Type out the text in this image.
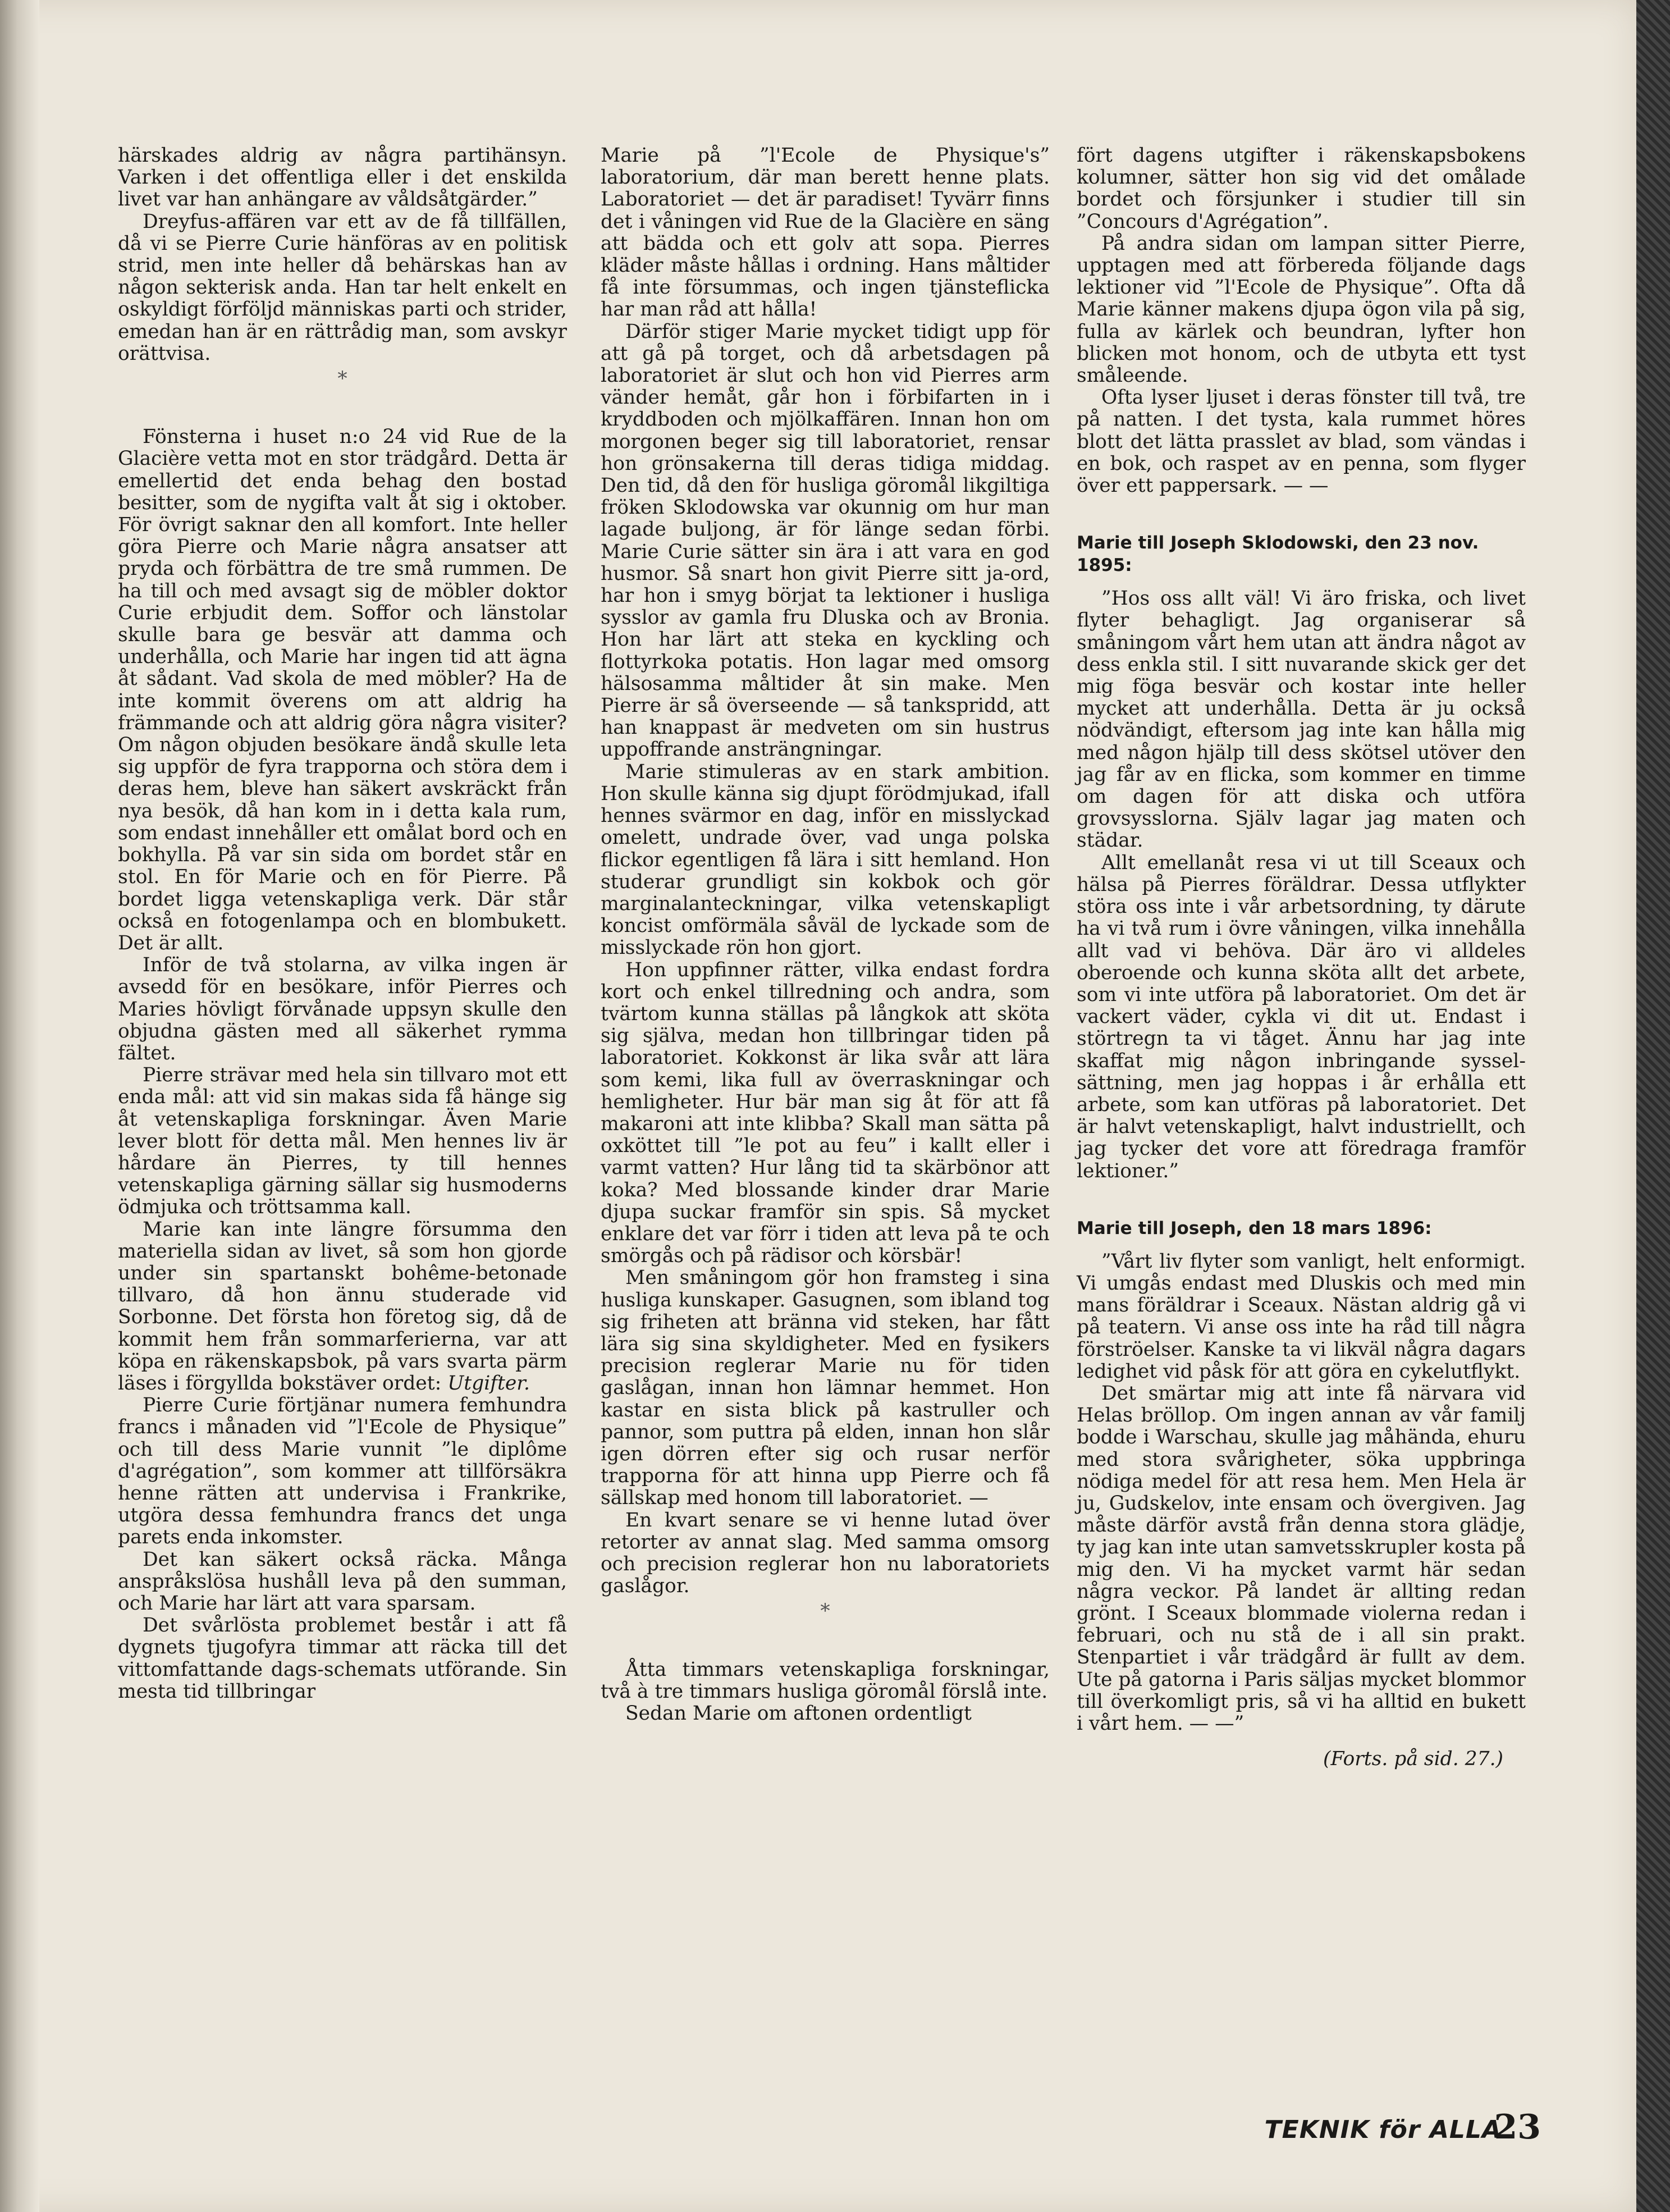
härskades aldrig av några partihänsyn. Varken i det offentliga eller i det enskilda livet var han anhängare av våldsåtgärder.”

Dreyfus-affären var ett av de få tillfällen, då vi se Pierre Curie hänföras av en politisk strid, men inte heller då behärskas han av någon sekterisk anda. Han tar helt enkelt en oskyldigt förföljd människas parti och strider, emedan han är en rättrådig man, som avskyr orättvisa.

*

Fönsterna i huset n:o 24 vid Rue de la Glacière vetta mot en stor trädgård. Detta är emellertid det enda behag den bostad besitter, som de nygifta valt åt sig i oktober. För övrigt saknar den all komfort. Inte heller göra Pierre och Marie några ansatser att pryda och förbättra de tre små rummen. De ha till och med avsagt sig de möbler doktor Curie erbjudit dem. Soffor och länstolar skulle bara ge besvär att damma och underhålla, och Marie har ingen tid att ägna åt sådant. Vad skola de med möbler? Ha de inte kommit överens om att aldrig ha främmande och att aldrig göra några visiter? Om någon objuden besökare ändå skulle leta sig uppför de fyra trapporna och störa dem i deras hem, bleve han säkert avskräckt från nya besök, då han kom in i detta kala rum, som endast innehåller ett omålat bord och en bokhylla. På var sin sida om bordet står en stol. En för Marie och en för Pierre. På bordet ligga vetenskapliga verk. Där står också en fotogenlampa och en blombukett. Det är allt.

Inför de två stolarna, av vilka ingen är avsedd för en besökare, inför Pierres och Maries hövligt förvånade uppsyn skulle den objudna gästen med all säkerhet rymma fältet.

Pierre strävar med hela sin tillvaro mot ett enda mål: att vid sin makas sida få hänge sig åt vetenskapliga forskningar. Även Marie lever blott för detta mål. Men hennes liv är hårdare än Pierres, ty till hennes vetenskapliga gärning sällar sig husmoderns ödmjuka och tröttsamma kall.

Marie kan inte längre försumma den materiella sidan av livet, så som hon gjorde under sin spartanskt bohême-betonade tillvaro, då hon ännu studerade vid Sorbonne. Det första hon företog sig, då de kommit hem från sommarferierna, var att köpa en räkenskapsbok, på vars svarta pärm läses i förgyllda bokstäver ordet: Utgifter.

Pierre Curie förtjänar numera femhundra francs i månaden vid ”l'Ecole de Physique” och till dess Marie vunnit ”le diplôme d'agrégation”, som kommer att tillförsäkra henne rätten att undervisa i Frankrike, utgöra dessa femhundra francs det unga parets enda inkomster.

Det kan säkert också räcka. Många anspråkslösa hushåll leva på den summan, och Marie har lärt att vara sparsam.

Det svårlösta problemet består i att få dygnets tjugofyra timmar att räcka till det vittomfattande dags-schemats utförande. Sin mesta tid tillbringar

Marie på ”l'Ecole de Physique's” laboratorium, där man berett henne plats. Laboratoriet — det är paradiset! Tyvärr finns det i våningen vid Rue de la Glacière en säng att bädda och ett golv att sopa. Pierres kläder måste hållas i ordning. Hans måltider få inte försummas, och ingen tjänsteflicka har man råd att hålla!

Därför stiger Marie mycket tidigt upp för att gå på torget, och då arbetsdagen på laboratoriet är slut och hon vid Pierres arm vänder hemåt, går hon i förbifarten in i kryddboden och mjölkaffären. Innan hon om morgonen beger sig till laboratoriet, rensar hon grönsakerna till deras tidiga middag. Den tid, då den för husliga göromål likgiltiga fröken Sklodowska var okunnig om hur man lagade buljong, är för länge sedan förbi. Marie Curie sätter sin ära i att vara en god husmor. Så snart hon givit Pierre sitt ja-ord, har hon i smyg börjat ta lektioner i husliga sysslor av gamla fru Dluska och av Bronia. Hon har lärt att steka en kyckling och flottyrkoka potatis. Hon lagar med omsorg hälsosamma måltider åt sin make. Men Pierre är så överseende — så tankspridd, att han knappast är medveten om sin hustrus uppoffrande ansträngningar.

Marie stimuleras av en stark ambition. Hon skulle känna sig djupt förödmjukad, ifall hennes svärmor en dag, inför en misslyckad omelett, undrade över, vad unga polska flickor egentligen få lära i sitt hemland. Hon studerar grundligt sin kokbok och gör marginalanteckningar, vilka vetenskapligt koncist omförmäla såväl de lyckade som de misslyckade rön hon gjort.

Hon uppfinner rätter, vilka endast fordra kort och enkel tillredning och andra, som tvärtom kunna ställas på långkok att sköta sig själva, medan hon tillbringar tiden på laboratoriet. Kokkonst är lika svår att lära som kemi, lika full av överraskningar och hemligheter. Hur bär man sig åt för att få makaroni att inte klibba? Skall man sätta på oxköttet till ”le pot au feu” i kallt eller i varmt vatten? Hur lång tid ta skärbönor att koka? Med blossande kinder drar Marie djupa suckar framför sin spis. Så mycket enklare det var förr i tiden att leva på te och smörgås och på rädisor och körsbär!

Men småningom gör hon framsteg i sina husliga kunskaper. Gasugnen, som ibland tog sig friheten att bränna vid steken, har fått lära sig sina skyldigheter. Med en fysikers precision reglerar Marie nu för tiden gaslågan, innan hon lämnar hemmet. Hon kastar en sista blick på kastruller och pannor, som puttra på elden, innan hon slår igen dörren efter sig och rusar nerför trapporna för att hinna upp Pierre och få sällskap med honom till laboratoriet. —

En kvart senare se vi henne lutad över retorter av annat slag. Med samma omsorg och precision reglerar hon nu laboratoriets gaslågor.

*

Åtta timmars vetenskapliga forskningar, två à tre timmars husliga göromål förslå inte.

Sedan Marie om aftonen ordentligt

fört dagens utgifter i räkenskapsbokens kolumner, sätter hon sig vid det omålade bordet och försjunker i studier till sin ”Concours d'Agrégation”.

På andra sidan om lampan sitter Pierre, upptagen med att förbereda följande dags lektioner vid ”l'Ecole de Physique”. Ofta då Marie känner makens djupa ögon vila på sig, fulla av kärlek och beundran, lyfter hon blicken mot honom, och de utbyta ett tyst småleende.

Ofta lyser ljuset i deras fönster till två, tre på natten. I det tysta, kala rummet höres blott det lätta prasslet av blad, som vändas i en bok, och raspet av en penna, som flyger över ett pappersark. — —

Marie till Joseph Sklodowski, den 23 nov. 1895:

”Hos oss allt väl! Vi äro friska, och livet flyter behagligt. Jag organiserar så småningom vårt hem utan att ändra något av dess enkla stil. I sitt nuvarande skick ger det mig föga besvär och kostar inte heller mycket att underhålla. Detta är ju också nödvändigt, eftersom jag inte kan hålla mig med någon hjälp till dess skötsel utöver den jag får av en flicka, som kommer en timme om dagen för att diska och utföra grovsysslorna. Själv lagar jag maten och städar.

Allt emellanåt resa vi ut till Sceaux och hälsa på Pierres föräldrar. Dessa utflykter störa oss inte i vår arbetsordning, ty därute ha vi två rum i övre våningen, vilka innehålla allt vad vi behöva. Där äro vi alldeles oberoende och kunna sköta allt det arbete, som vi inte utföra på laboratoriet. Om det är vackert väder, cykla vi dit ut. Endast i störtregn ta vi tåget. Ännu har jag inte skaffat mig någon inbringande sysselsättning, men jag hoppas i år erhålla ett arbete, som kan utföras på laboratoriet. Det är halvt vetenskapligt, halvt industriellt, och jag tycker det vore att föredraga framför lektioner.”

Marie till Joseph, den 18 mars 1896:

”Vårt liv flyter som vanligt, helt enformigt. Vi umgås endast med Dluskis och med min mans föräldrar i Sceaux. Nästan aldrig gå vi på teatern. Vi anse oss inte ha råd till några förströelser. Kanske ta vi likväl några dagars ledighet vid påsk för att göra en cykelutflykt.

Det smärtar mig att inte få närvara vid Helas bröllop. Om ingen annan av vår familj bodde i Warschau, skulle jag måhända, ehuru med stora svårigheter, söka uppbringa nödiga medel för att resa hem. Men Hela är ju, Gudskelov, inte ensam och övergiven. Jag måste därför avstå från denna stora glädje, ty jag kan inte utan samvetsskrupler kosta på mig den. Vi ha mycket varmt här sedan några veckor. På landet är allting redan grönt. I Sceaux blommade violerna redan i februari, och nu stå de i all sin prakt. Stenpartiet i vår trädgård är fullt av dem. Ute på gatorna i Paris säljas mycket blommor till överkomligt pris, så vi ha alltid en bukett i vårt hem. — —”

(Forts. på sid. 27.)

TEKNIK för ALLA
23
